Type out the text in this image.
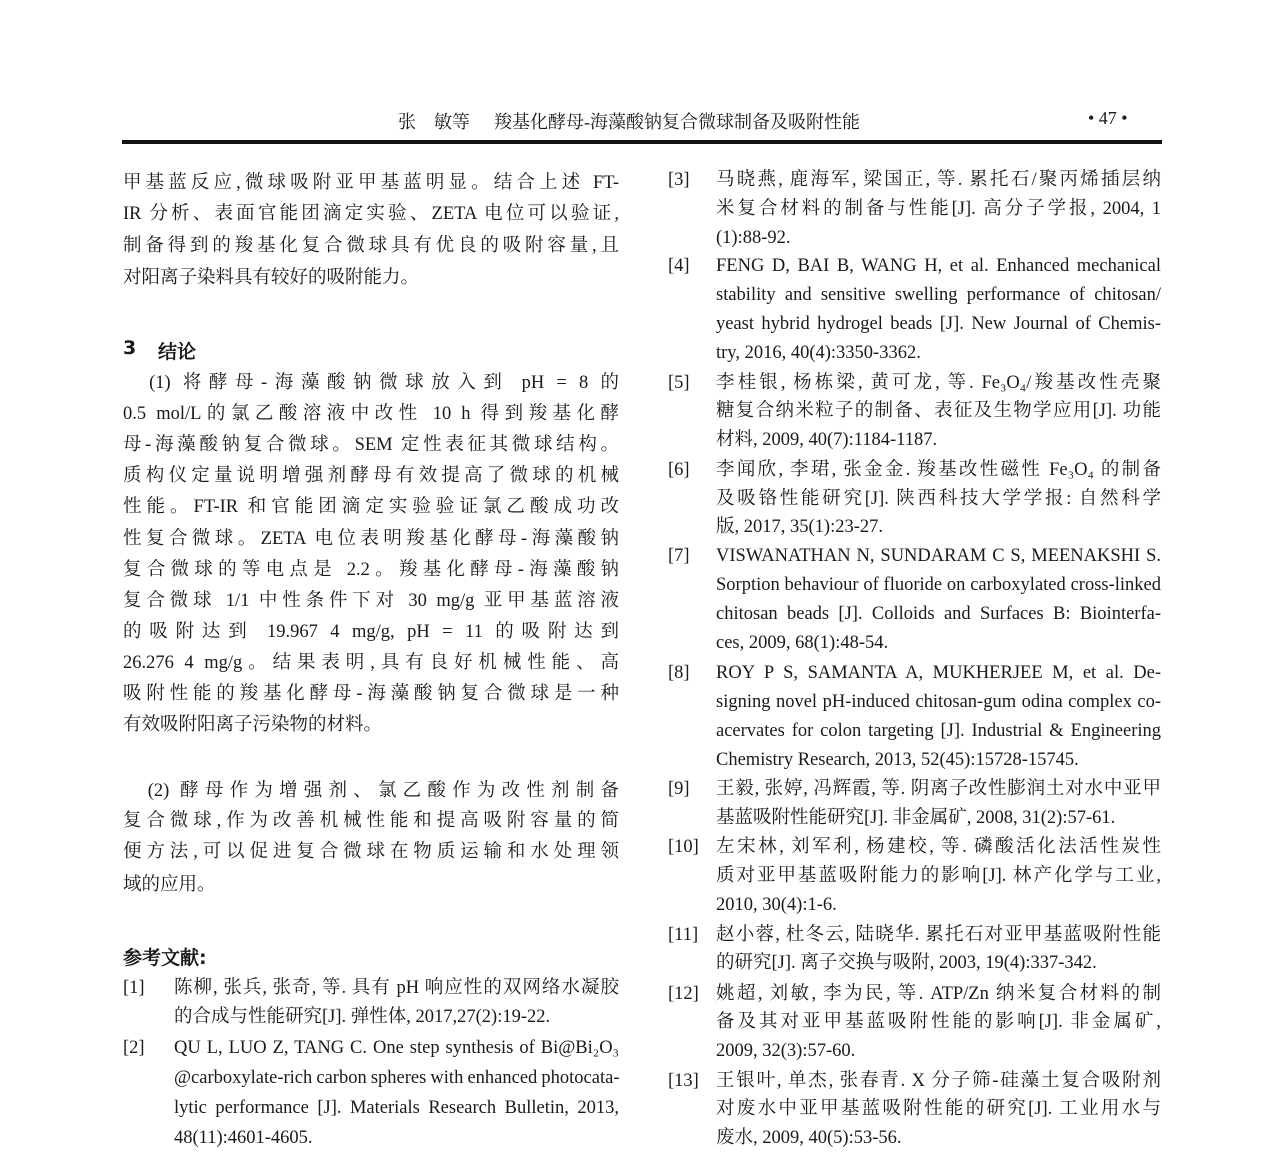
张　敏等 羧基化酵母-海藻酸钠复合微球制备及吸附性能	• 47 •
3 结论
参考文献:
甲基蓝反应,微球吸附亚甲基蓝明显。结合上述 FT-
IR 分析、表面官能团滴定实验、ZETA 电位可以验证,
制备得到的羧基化复合微球具有优良的吸附容量,且
对阳离子染料具有较好的吸附能力。
　(1) 将酵母-海藻酸钠微球放入到 pH = 8 的
0.5 mol/L的氯乙酸溶液中改性 10 h 得到羧基化酵
母-海藻酸钠复合微球。SEM 定性表征其微球结构。
质构仪定量说明增强剂酵母有效提高了微球的机械
性能。FT-IR 和官能团滴定实验验证氯乙酸成功改
性复合微球。ZETA 电位表明羧基化酵母-海藻酸钠
复合微球的等电点是 2.2。羧基化酵母-海藻酸钠
复合微球 1/1 中性条件下对 30 mg/g 亚甲基蓝溶液
的吸附达到 19.967 4 mg/g, pH = 11 的吸附达到
26.276 4 mg/g。结果表明,具有良好机械性能、高
吸附性能的羧基化酵母-海藻酸钠复合微球是一种
有效吸附阳离子污染物的材料。
　(2) 酵母作为增强剂、氯乙酸作为改性剂制备
复合微球,作为改善机械性能和提高吸附容量的简
便方法,可以促进复合微球在物质运输和水处理领
域的应用。
[1] 陈柳, 张兵, 张奇, 等. 具有 pH 响应性的双网络水凝胶
的合成与性能研究[J]. 弹性体, 2017,27(2):19-22.
[2] QU L, LUO Z, TANG C. One step synthesis of Bi@Bi₂O₃
@carboxylate-rich carbon spheres with enhanced photocata-
lytic performance [J]. Materials Research Bulletin, 2013,
48(11):4601-4605.
[3] 马晓燕, 鹿海军, 梁国正, 等. 累托石/聚丙烯插层纳
米复合材料的制备与性能[J]. 高分子学报, 2004, 1
(1):88-92.
[4] FENG D, BAI B, WANG H, et al. Enhanced mechanical
stability and sensitive swelling performance of chitosan/
yeast hybrid hydrogel beads [J]. New Journal of Chemis-
try, 2016, 40(4):3350-3362.
[5] 李桂银, 杨栋梁, 黄可龙, 等. Fe₃O₄/羧基改性壳聚
糖复合纳米粒子的制备、表征及生物学应用[J]. 功能
材料, 2009, 40(7):1184-1187.
[6] 李闻欣, 李珺, 张金金. 羧基改性磁性 Fe₃O₄ 的制备
及吸铬性能研究[J]. 陕西科技大学学报: 自然科学
版, 2017, 35(1):23-27.
[7] VISWANATHAN N, SUNDARAM C S, MEENAKSHI S.
Sorption behaviour of fluoride on carboxylated cross-linked
chitosan beads [J]. Colloids and Surfaces B: Biointerfa-
ces, 2009, 68(1):48-54.
[8] ROY P S, SAMANTA A, MUKHERJEE M, et al. De-
signing novel pH-induced chitosan-gum odina complex co-
acervates for colon targeting [J]. Industrial & Engineering
Chemistry Research, 2013, 52(45):15728-15745.
[9] 王毅, 张婷, 冯辉霞, 等. 阴离子改性膨润土对水中亚甲
基蓝吸附性能研究[J]. 非金属矿, 2008, 31(2):57-61.
[10] 左宋林, 刘军利, 杨建校, 等. 磷酸活化法活性炭性
质对亚甲基蓝吸附能力的影响[J]. 林产化学与工业,
2010, 30(4):1-6.
[11] 赵小蓉, 杜冬云, 陆晓华. 累托石对亚甲基蓝吸附性能
的研究[J]. 离子交换与吸附, 2003, 19(4):337-342.
[12] 姚超, 刘敏, 李为民, 等. ATP/Zn 纳米复合材料的制
备及其对亚甲基蓝吸附性能的影响[J]. 非金属矿,
2009, 32(3):57-60.
[13] 王银叶, 单杰, 张春青. X 分子筛-硅藻土复合吸附剂
对废水中亚甲基蓝吸附性能的研究[J]. 工业用水与
废水, 2009, 40(5):53-56.
